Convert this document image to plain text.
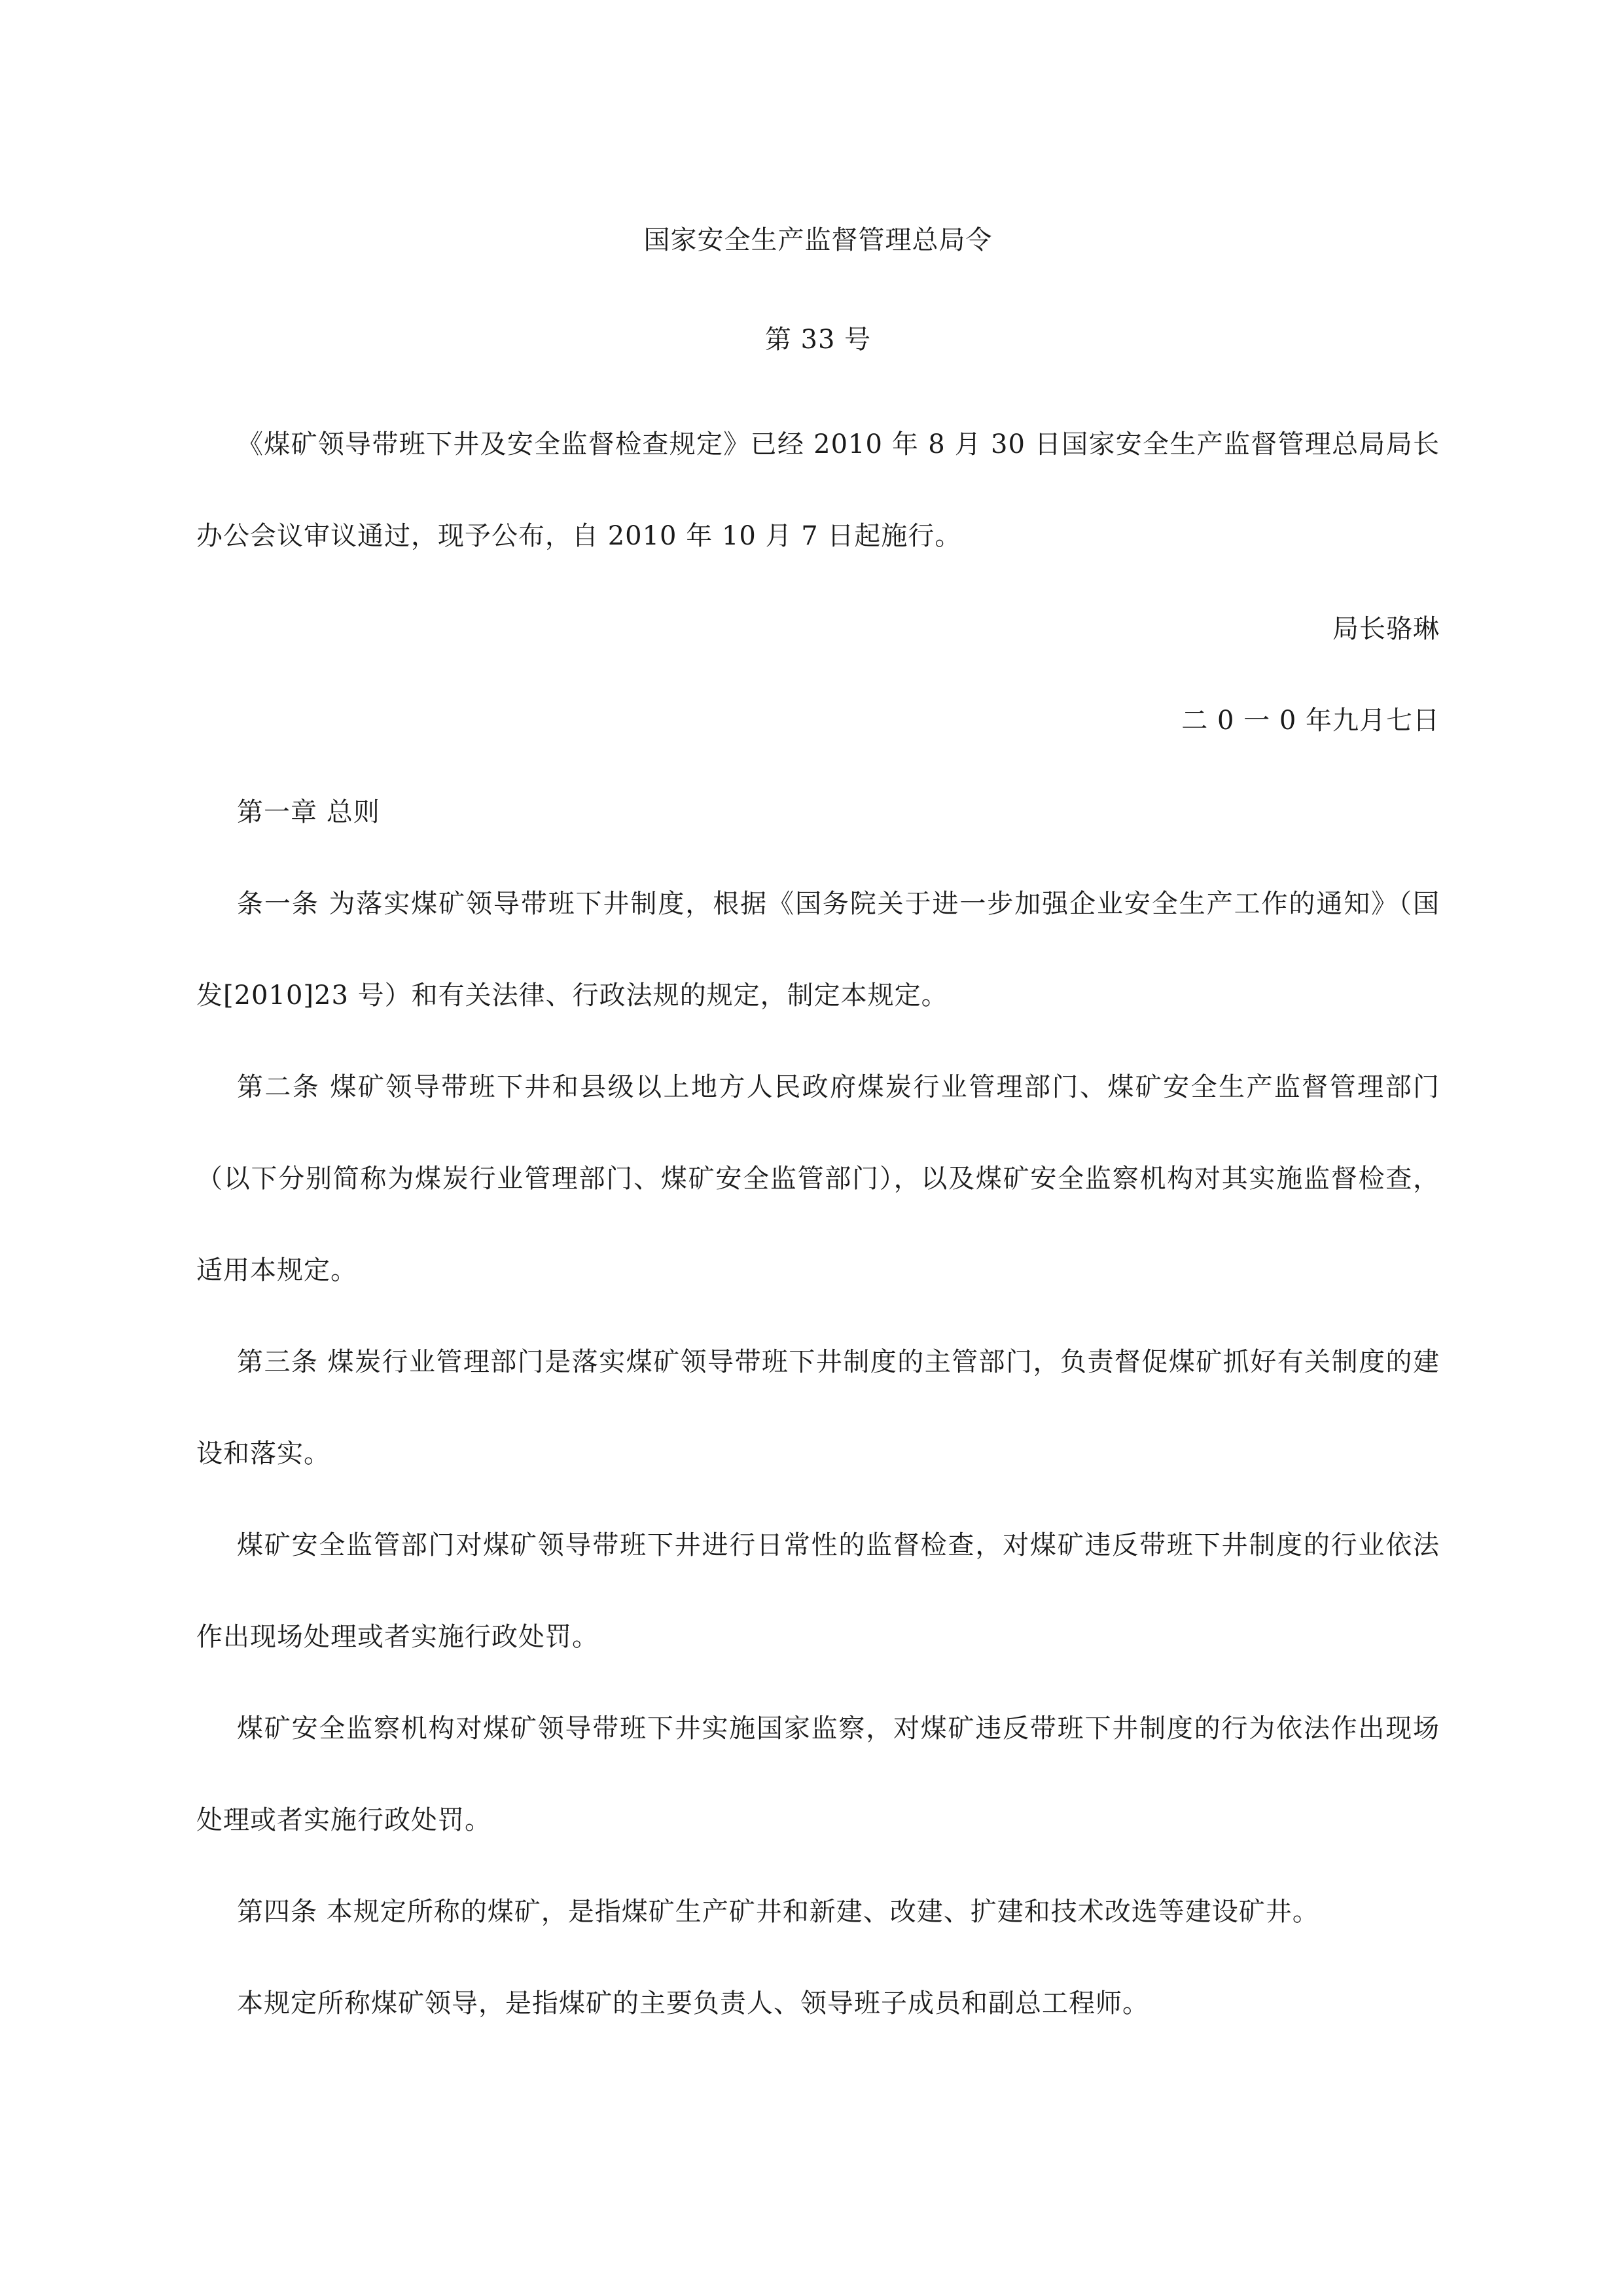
国家安全生产监督管理总局令
第 33 号

《煤矿领导带班下井及安全监督检查规定》已经 2010 年 8 月 30 日国家安全生产监督管理总局局长办公会议审议通过，现予公布，自 2010 年 10 月 7 日起施行。

局长骆琳
二 0 一 0 年九月七日

第一章 总则

条一条 为落实煤矿领导带班下井制度，根据《国务院关于进一步加强企业安全生产工作的通知》（国发[2010]23 号）和有关法律、行政法规的规定，制定本规定。

第二条 煤矿领导带班下井和县级以上地方人民政府煤炭行业管理部门、煤矿安全生产监督管理部门（以下分别简称为煤炭行业管理部门、煤矿安全监管部门），以及煤矿安全监察机构对其实施监督检查，适用本规定。

第三条 煤炭行业管理部门是落实煤矿领导带班下井制度的主管部门，负责督促煤矿抓好有关制度的建设和落实。

煤矿安全监管部门对煤矿领导带班下井进行日常性的监督检查，对煤矿违反带班下井制度的行业依法作出现场处理或者实施行政处罚。

煤矿安全监察机构对煤矿领导带班下井实施国家监察，对煤矿违反带班下井制度的行为依法作出现场处理或者实施行政处罚。

第四条 本规定所称的煤矿，是指煤矿生产矿井和新建、改建、扩建和技术改选等建设矿井。

本规定所称煤矿领导，是指煤矿的主要负责人、领导班子成员和副总工程师。
